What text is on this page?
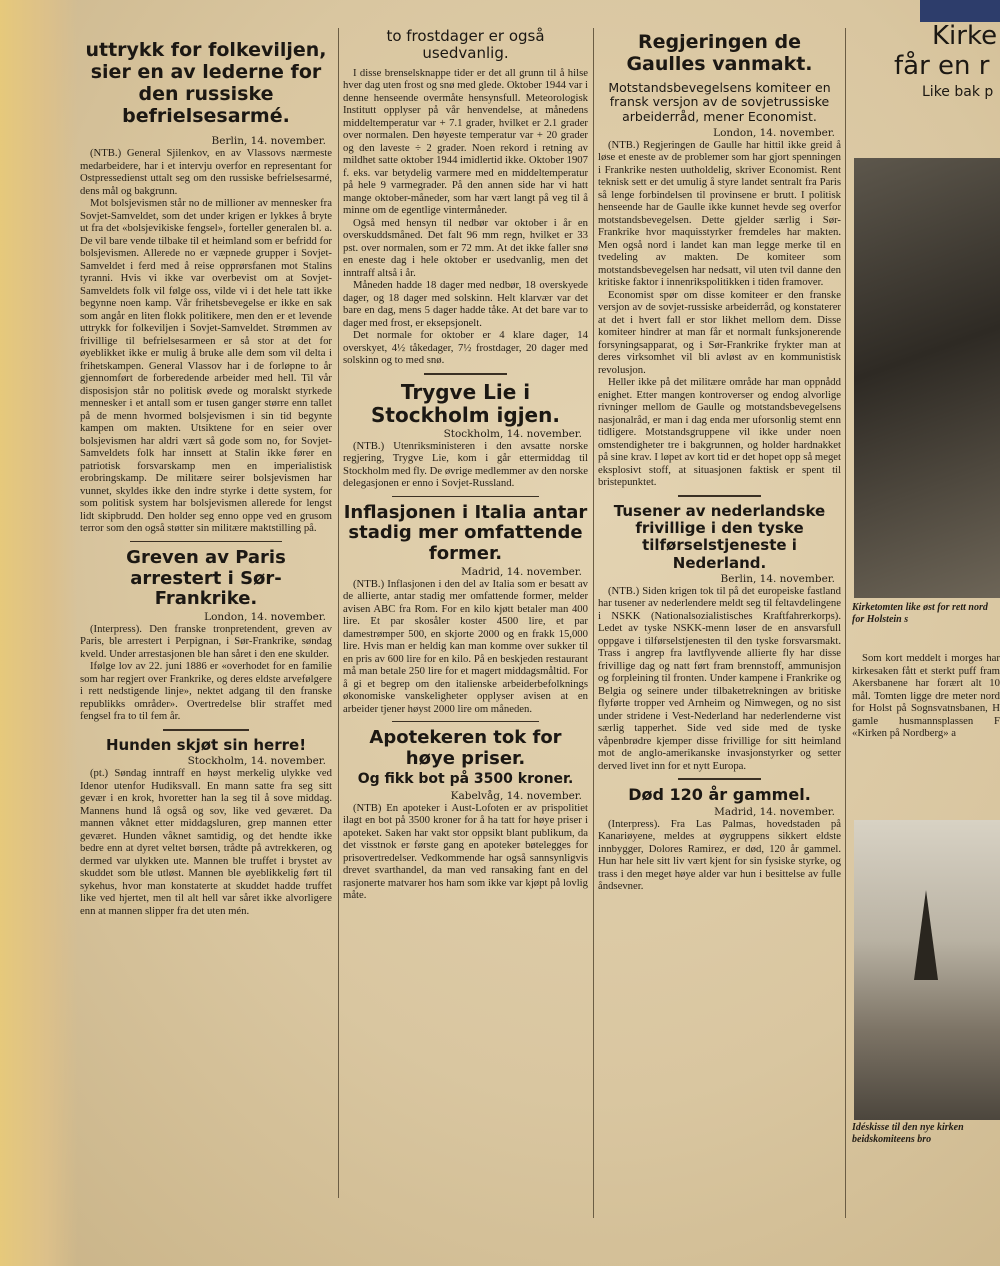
uttrykk for folkeviljen, sier en av lederne for den russiske befrielsesarmé.
Berlin, 14. november.

(NTB.) General Sjilenkov, en av Vlassovs nærmeste medarbeidere, har i et intervju overfor en representant for Ostpressedienst uttalt seg om den russiske befrielsesarmé, dens mål og bakgrunn.

Mot bolsjevismen står no de millioner av mennesker fra Sovjet-Samveldet, som det under krigen er lykkes å bryte ut fra det «bolsjevikiske fengsel», forteller generalen bl. a. De vil bare vende tilbake til et heimland som er befridd for bolsjevismen. Allerede no er væpnede grupper i Sovjet-Samveldet i ferd med å reise opprørsfanen mot Stalins tyranni. Hvis vi ikke var overbevist om at Sovjet-Samveldets folk vil følge oss, vilde vi i det hele tatt ikke begynne noen kamp. Vår frihetsbevegelse er ikke en sak som angår en liten flokk politikere, men den er et levende uttrykk for folkeviljen i Sovjet-Samveldet. Strømmen av frivillige til befrielsesarmeen er så stor at det for øyeblikket ikke er mulig å bruke alle dem som vil delta i frihetskampen. General Vlassov har i de forløpne to år gjennomført de forberedende arbeider med hell. Til vår disposisjon står no politisk øvede og moralskt styrkede mennesker i et antall som er tusen ganger større enn tallet på de menn hvormed bolsjevismen i sin tid begynte kampen om makten. Utsiktene for en seier over bolsjevismen har aldri vært så gode som no, for Sovjet-Samveldets folk har innsett at Stalin ikke fører en patriotisk forsvarskamp men en imperialistisk erobringskamp. De militære seirer bolsjevismen har vunnet, skyldes ikke den indre styrke i dette system, for som politisk system har bolsjevismen allerede for lengst lidt skipbrudd. Den holder seg enno oppe ved en grusom terror som den også støtter sin militære maktstilling på.

Greven av Paris arrestert i Sør-Frankrike.
London, 14. november.

(Interpress). Den franske tronpretendent, greven av Paris, ble arrestert i Perpignan, i Sør-Frankrike, søndag kveld. Under arrestasjonen ble han såret i den ene skulder.

Ifølge lov av 22. juni 1886 er «overhodet for en familie som har regjert over Frankrike, og deres eldste arvefølgere i rett nedstigende linje», nektet adgang til den franske republikks områder». Overtredelse blir straffet med fengsel fra to til fem år.

Hunden skjøt sin herre!
Stockholm, 14. november.

(pt.) Søndag inntraff en høyst merkelig ulykke ved Idenor utenfor Hudiksvall. En mann satte fra seg sitt gevær i en krok, hvoretter han la seg til å sove middag. Mannens hund lå også og sov, like ved geværet. Da mannen våknet etter middagsluren, grep mannen etter geværet. Hunden våknet samtidig, og det hendte ikke bedre enn at dyret veltet børsen, trådte på avtrekkeren, og dermed var ulykken ute. Mannen ble truffet i brystet av skuddet som ble utløst. Mannen ble øyeblikkelig ført til sykehus, hvor man konstaterte at skuddet hadde truffet like ved hjertet, men til alt hell var såret ikke alvorligere enn at mannen slipper fra det uten mén.

to frostdager er også usedvanlig.

I disse brenselsknappe tider er det all grunn til å hilse hver dag uten frost og snø med glede. Oktober 1944 var i denne henseende overmåte hensynsfull. Meteorologisk Institutt opplyser på vår henvendelse, at månedens middeltemperatur var + 7.1 grader, hvilket er 2.1 grader over normalen. Den høyeste temperatur var + 20 grader og den laveste ÷ 2 grader. Noen rekord i retning av mildhet satte oktober 1944 imidlertid ikke. Oktober 1907 f. eks. var betydelig varmere med en middeltemperatur på hele 9 varmegrader. På den annen side har vi hatt mange oktober-måneder, som har vært langt på veg til å minne om de egentlige vintermåneder.

Også med hensyn til nedbør var oktober i år en overskuddsmåned. Det falt 96 mm regn, hvilket er 33 pst. over normalen, som er 72 mm. At det ikke faller snø en eneste dag i hele oktober er usedvanlig, men det inntraff altså i år.

Måneden hadde 18 dager med nedbør, 18 overskyede dager, og 18 dager med solskinn. Helt klarvær var det bare en dag, mens 5 dager hadde tåke. At det bare var to dager med frost, er eksepsjonelt.

Det normale for oktober er 4 klare dager, 14 overskyet, 4½ tåkedager, 7½ frostdager, 20 dager med solskinn og to med snø.

Trygve Lie i Stockholm igjen.
Stockholm, 14. november.

(NTB.) Utenriksministeren i den avsatte norske regjering, Trygve Lie, kom i går ettermiddag til Stockholm med fly. De øvrige medlemmer av den norske delegasjonen er enno i Sovjet-Russland.

Inflasjonen i Italia antar stadig mer omfattende former.
Madrid, 14. november.

(NTB.) Inflasjonen i den del av Italia som er besatt av de allierte, antar stadig mer omfattende former, melder avisen ABC fra Rom. For en kilo kjøtt betaler man 400 lire. Et par skosåler koster 4500 lire, et par damestrømper 500, en skjorte 2000 og en frakk 15,000 lire. Hvis man er heldig kan man komme over sukker til en pris av 600 lire for en kilo. På en beskjeden restaurant må man betale 250 lire for et magert middagsmåltid. For å gi et begrep om den italienske arbeiderbefolknings økonomiske vanskeligheter opplyser avisen at en arbeider tjener høyst 2000 lire om måneden.

Apotekeren tok for høye priser.
Og fikk bot på 3500 kroner.
Kabelvåg, 14. november.

(NTB) En apoteker i Aust-Lofoten er av prispolitiet ilagt en bot på 3500 kroner for å ha tatt for høye priser i apoteket. Saken har vakt stor oppsikt blant publikum, da det visstnok er første gang en apoteker bøtelegges for prisovertredelser. Vedkommende har også sannsynligvis drevet svarthandel, da man ved ransaking fant en del rasjonerte matvarer hos ham som ikke var kjøpt på lovlig måte.

Regjeringen de Gaulles vanmakt.
Motstandsbevegelsens komiteer en fransk versjon av de sovjetrussiske arbeiderråd, mener Economist.
London, 14. november.

(NTB.) Regjeringen de Gaulle har hittil ikke greid å løse et eneste av de problemer som har gjort spenningen i Frankrike nesten uutholdelig, skriver Economist. Rent teknisk sett er det umulig å styre landet sentralt fra Paris så lenge forbindelsen til provinsene er brutt. I politisk henseende har de Gaulle ikke kunnet hevde seg overfor motstandsbevegelsen. Dette gjelder særlig i Sør-Frankrike hvor maquisstyrker fremdeles har makten. Men også nord i landet kan man legge merke til en tvedeling av makten. De komiteer som motstandsbevegelsen har nedsatt, vil uten tvil danne den kritiske faktor i innenrikspolitikken i tiden framover.

Economist spør om disse komiteer er den franske versjon av de sovjet-russiske arbeiderråd, og konstaterer at det i hvert fall er stor likhet mellom dem. Disse komiteer hindrer at man får et normalt funksjonerende forsyningsapparat, og i Sør-Frankrike frykter man at deres virksomhet vil bli avløst av en kommunistisk revolusjon.

Heller ikke på det militære område har man oppnådd enighet. Etter mangen kontroverser og endog alvorlige rivninger mellom de Gaulle og motstandsbevegelsens nasjonalråd, er man i dag enda mer uforsonlig stemt enn tidligere. Motstandsgruppene vil ikke under noen omstendigheter tre i bakgrunnen, og holder hardnakket på sine krav. I løpet av kort tid er det hopet opp så meget eksplosivt stoff, at situasjonen faktisk er spent til bristepunktet.

Tusener av nederlandske frivillige i den tyske tilførselstjeneste i Nederland.
Berlin, 14. november.

(NTB.) Siden krigen tok til på det europeiske fastland har tusener av nederlendere meldt seg til feltavdelingene i NSKK (Nationalsozialistisches Kraftfahrerkorps). Ledet av tyske NSKK-menn løser de en ansvarsfull oppgave i tilførselstjenesten til den tyske forsvarsmakt. Trass i angrep fra lavtflyvende allierte fly har disse frivillige dag og natt ført fram brennstoff, ammunisjon og forpleining til fronten. Under kampene i Frankrike og Belgia og seinere under tilbaketrekningen av britiske flyførte tropper ved Arnheim og Nimwegen, og no sist under stridene i Vest-Nederland har nederlenderne vist særlig tapperhet. Side ved side med de tyske våpenbrødre kjemper disse frivillige for sitt heimland mot de anglo-amerikanske invasjonstyrker og setter derved livet inn for et nytt Europa.

Død 120 år gammel.
Madrid, 14. november.

(Interpress). Fra Las Palmas, hovedstaden på Kanariøyene, meldes at øygruppens sikkert eldste innbygger, Dolores Ramirez, er død, 120 år gammel. Hun har hele sitt liv vært kjent for sin fysiske styrke, og trass i den meget høye alder var hun i besittelse av fulle åndsevner.

Kirke
får en r
Like bak p
Kirketomten like øst for rett nord for Holstein s

Som kort meddelt i morges har kirkesaken fått et sterkt puff fram Akersbanene har forært alt 10 mål. Tomten ligge dre meter nord for Holst på Sognsvatnsbanen, H gamle husmannsplassen F «Kirken på Nordberg» a

Idéskisse til den nye kirken beidskomiteens bro
